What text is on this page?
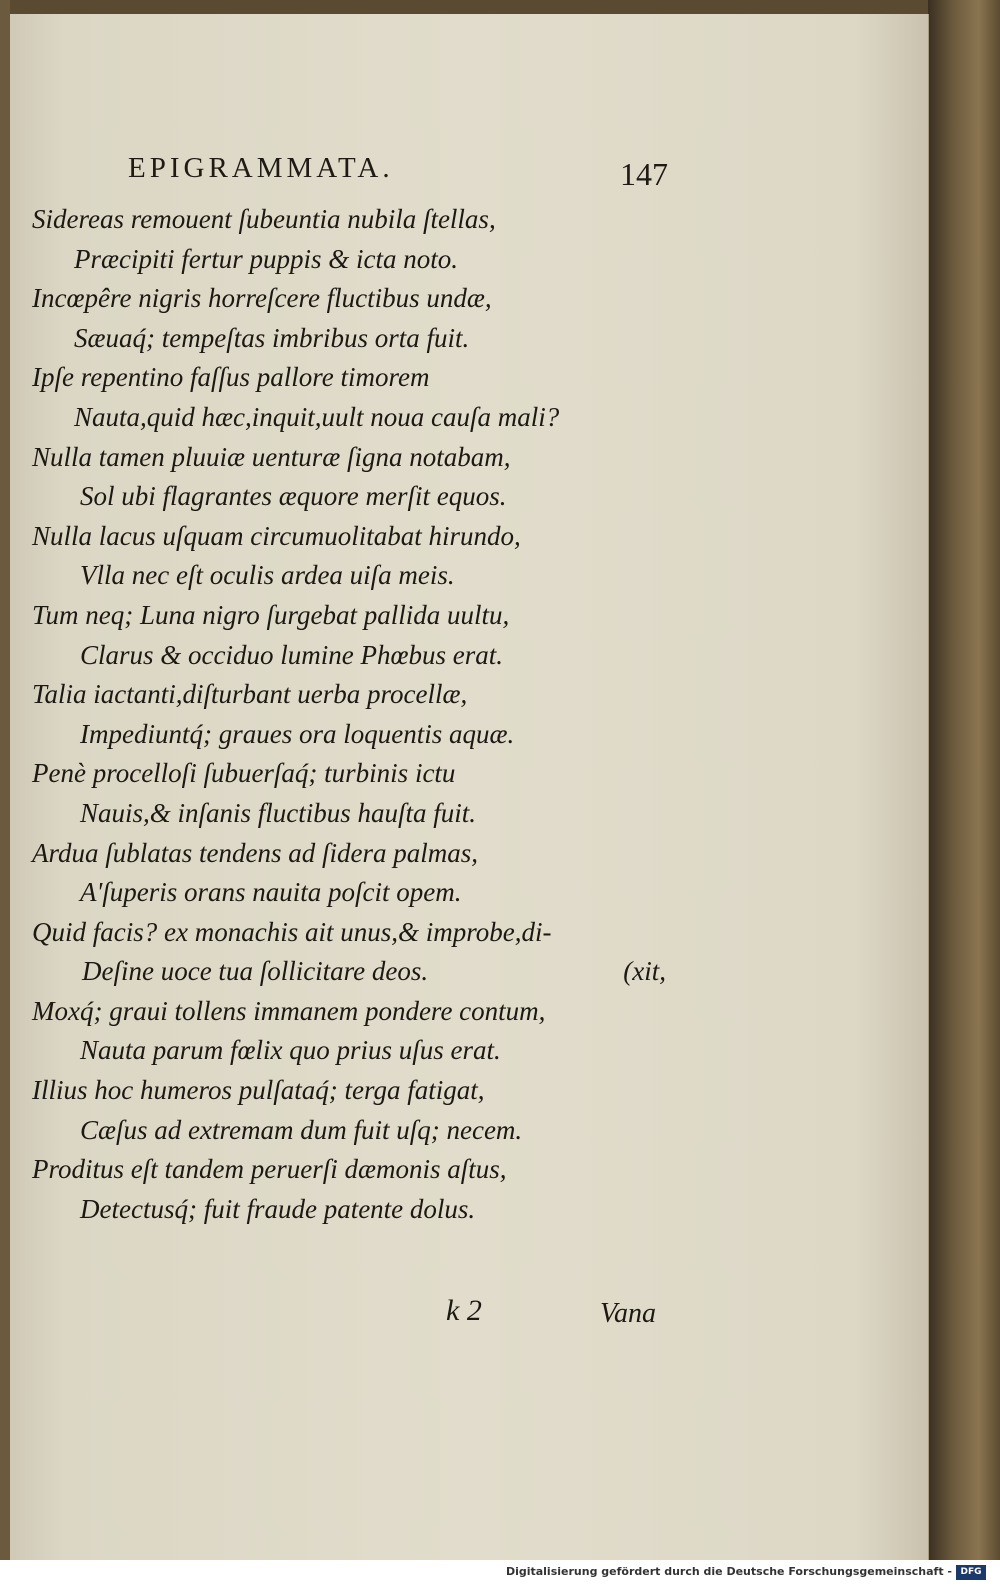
EPIGRAMMATA.	147
Sidereas remouent ſubeuntia nubila ſtellas,
Præcipiti fertur puppis & icta noto.
Incœpêre nigris horreſcere fluctibus undæ,
Sæuaq́; tempeſtas imbribus orta fuit.
Ipſe repentino faſſus pallore timorem
Nauta,quid hæc,inquit,uult noua cauſa mali?
Nulla tamen pluuiæ uenturæ ſigna notabam,
Sol ubi flagrantes æquore merſit equos.
Nulla lacus uſquam circumuolitabat hirundo,
Vlla nec eſt oculis ardea uiſa meis.
Tum neq; Luna nigro ſurgebat pallida uultu,
Clarus & occiduo lumine Phœbus erat.
Talia iactanti,diſturbant uerba procellæ,
Impediuntq́; graues ora loquentis aquæ.
Penè procelloſi ſubuerſaq́; turbinis ictu
Nauis,& inſanis fluctibus hauſta fuit.
Ardua ſublatas tendens ad ſidera palmas,
A'ſuperis orans nauita poſcit opem.
Quid facis? ex monachis ait unus,& improbe,di-
Deſine uoce tua ſollicitare deos.	(xit,
Moxq́; graui tollens immanem pondere contum,
Nauta parum fœlix quo prius uſus erat.
Illius hoc humeros pulſataq́; terga fatigat,
Cæſus ad extremam dum fuit uſq; necem.
Proditus eſt tandem peruerſi dæmonis aſtus,
Detectusq́; fuit fraude patente dolus.
k 2	Vana
Digitalisierung gefördert durch die Deutsche Forschungsgemeinschaft - DFG
